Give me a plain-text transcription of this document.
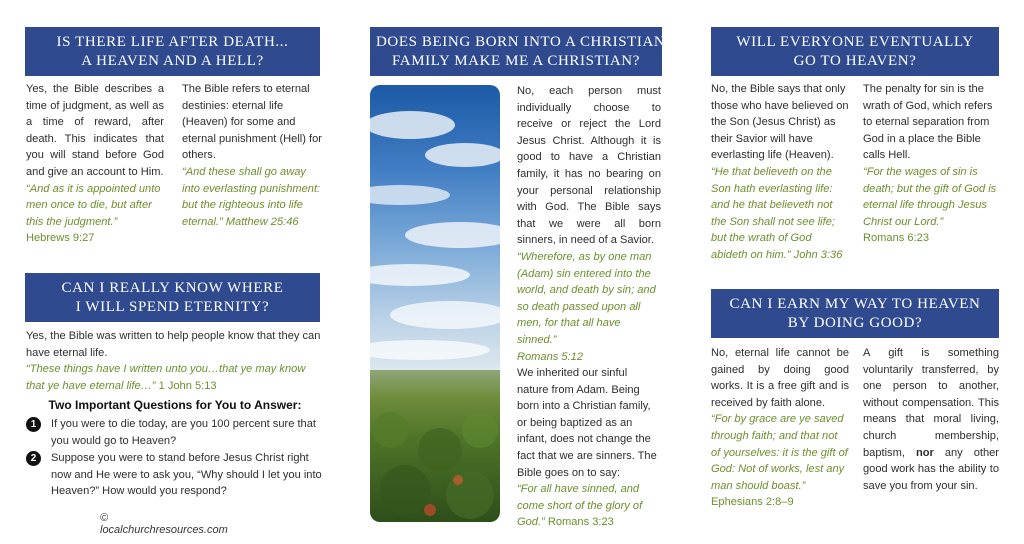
IS THERE LIFE AFTER DEATH...
A HEAVEN AND A HELL?

Yes, the Bible describes a time of judgment, as well as a time of reward, after death. This indicates that you will stand before God and give an account to Him.

“And as it is appointed unto men once to die, but after this the judgment.”

Hebrews 9:27

The Bible refers to eternal destinies: eternal life (Heaven) for some and eternal punishment (Hell) for others.

“And these shall go away into everlasting punishment: but the righteous into life eternal.” Matthew 25:46

CAN I REALLY KNOW WHERE
I WILL SPEND ETERNITY?

Yes, the Bible was written to help people know that they can have eternal life.

“These things have I written unto you…that ye may know that ye have eternal life…” 1 John 5:13

Two Important Questions for You to Answer:
1	If you were to die today, are you 100 percent sure that you would go to Heaven?
2	Suppose you were to stand before Jesus Christ right now and He were to ask you, “Why should I let you into Heaven?” How would you respond?
© localchurchresources.com
DOES BEING BORN INTO A CHRISTIAN
FAMILY MAKE ME A CHRISTIAN?

No, each person must individually choose to receive or reject the Lord Jesus Christ. Although it is good to have a Christian family, it has no bearing on your personal relationship with God. The Bible says that we were all born sinners, in need of a Savior.

“Wherefore, as by one man (Adam) sin entered into the world, and death by sin; and so death passed upon all men, for that all have sinned.”

Romans 5:12

We inherited our sinful nature from Adam. Being born into a Christian family, or being baptized as an infant, does not change the fact that we are sinners. The Bible goes on to say:

“For all have sinned, and come short of the glory of God.” Romans 3:23

WILL EVERYONE EVENTUALLY
GO TO HEAVEN?

No, the Bible says that only those who have believed on the Son (Jesus Christ) as their Savior will have everlasting life (Heaven).

“He that believeth on the Son hath everlasting life: and he that believeth not the Son shall not see life; but the wrath of God abideth on him.” John 3:36

The penalty for sin is the wrath of God, which refers to eternal separation from God in a place the Bible calls Hell.

“For the wages of sin is death; but the gift of God is eternal life through Jesus Christ our Lord.”

Romans 6:23

CAN I EARN MY WAY TO HEAVEN
BY DOING GOOD?

No, eternal life cannot be gained by doing good works. It is a free gift and is received by faith alone.

“For by grace are ye saved through faith; and that not of yourselves: it is the gift of God: Not of works, lest any man should boast.”

Ephesians 2:8–9

A gift is something voluntarily transferred, by one person to another, without compensation. This means that moral living, church membership, baptism, nor any other good work has the ability to save you from your sin.
